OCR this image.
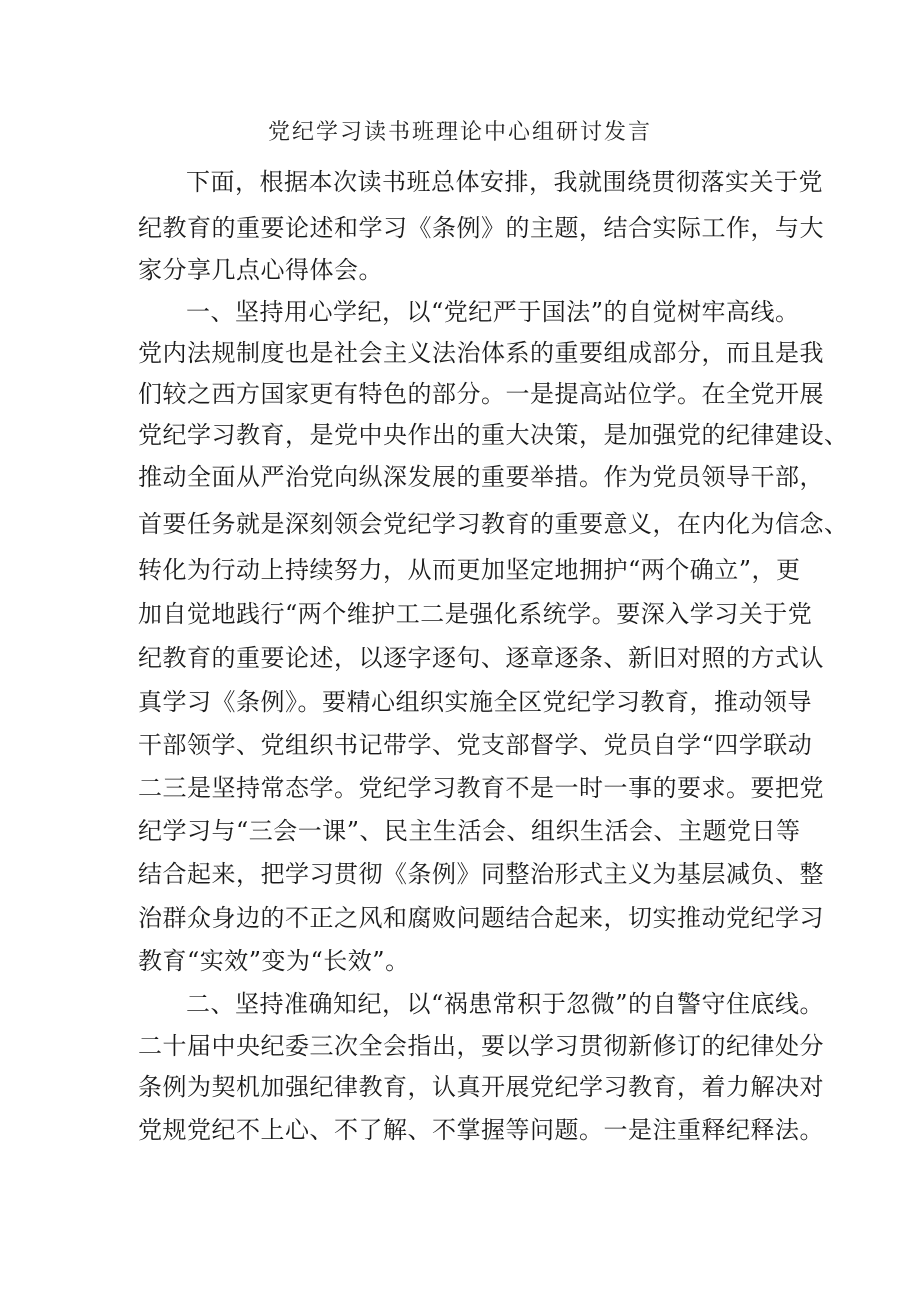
党纪学习读书班理论中心组研讨发言
下面，根据本次读书班总体安排，我就围绕贯彻落实关于党
纪教育的重要论述和学习《条例》的主题，结合实际工作，与大
家分享几点心得体会。
一、坚持用心学纪，以“党纪严于国法”的自觉树牢高线。
党内法规制度也是社会主义法治体系的重要组成部分，而且是我
们较之西方国家更有特色的部分。一是提高站位学。在全党开展
党纪学习教育，是党中央作出的重大决策，是加强党的纪律建设、
推动全面从严治党向纵深发展的重要举措。作为党员领导干部，
首要任务就是深刻领会党纪学习教育的重要意义，在内化为信念、
转化为行动上持续努力，从而更加坚定地拥护“两个确立”，更
加自觉地践行“两个维护工二是强化系统学。要深入学习关于党
纪教育的重要论述，以逐字逐句、逐章逐条、新旧对照的方式认
真学习《条例》。要精心组织实施全区党纪学习教育，推动领导
干部领学、党组织书记带学、党支部督学、党员自学“四学联动
二三是坚持常态学。党纪学习教育不是一时一事的要求。要把党
纪学习与“三会一课”、民主生活会、组织生活会、主题党日等
结合起来，把学习贯彻《条例》同整治形式主义为基层减负、整
治群众身边的不正之风和腐败问题结合起来，切实推动党纪学习
教育“实效”变为“长效”。
二、坚持准确知纪，以“祸患常积于忽微”的自警守住底线。
二十届中央纪委三次全会指出，要以学习贯彻新修订的纪律处分
条例为契机加强纪律教育，认真开展党纪学习教育，着力解决对
党规党纪不上心、不了解、不掌握等问题。一是注重释纪释法。
